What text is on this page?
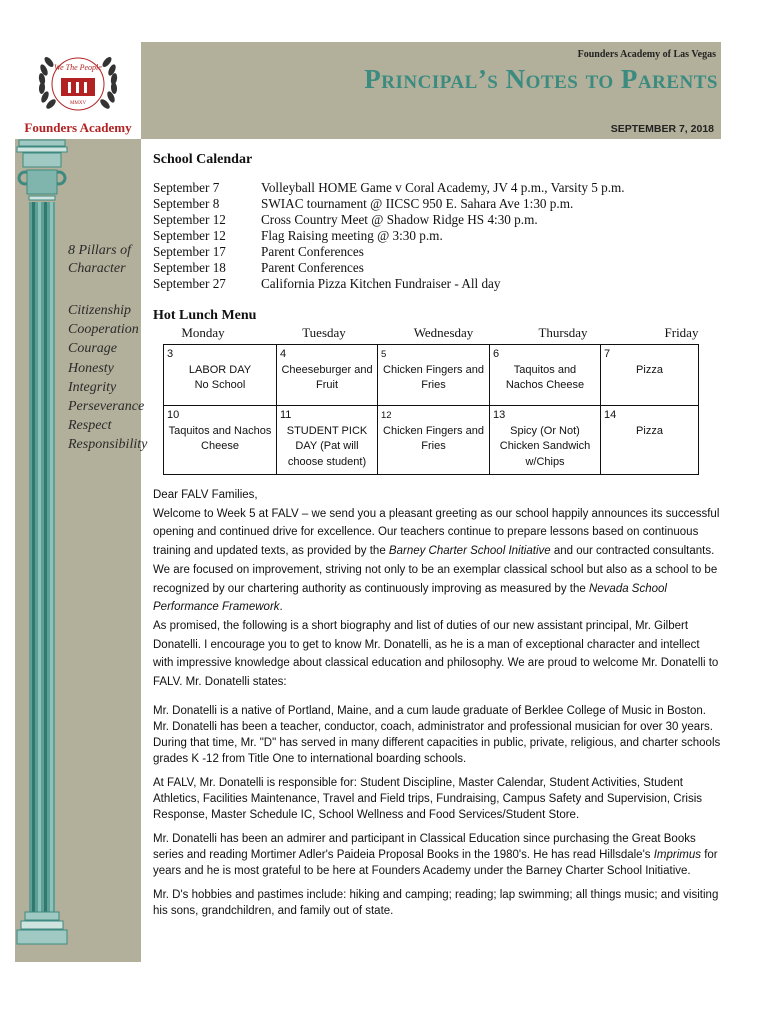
We The People
MMXV
Founders Academy
Founders Academy of Las Vegas
Principal’s Notes to Parents
SEPTEMBER 7, 2018
8 Pillars of
Character
Citizenship
Cooperation
Courage
Honesty
Integrity
Perseverance
Respect
Responsibility
School Calendar
September 7	Volleyball HOME Game v Coral Academy, JV 4 p.m., Varsity 5 p.m.
September 8	SWIAC tournament @ IICSC 950 E. Sahara Ave 1:30 p.m.
September 12	Cross Country Meet @ Shadow Ridge HS 4:30 p.m.
September 12	Flag Raising meeting @ 3:30 p.m.
September 17	Parent Conferences
September 18	Parent Conferences
September 27	California Pizza Kitchen Fundraiser - All day
Hot Lunch Menu
Monday	Tuesday	Wednesday	Thursday	Friday
3
LABOR DAY
No School	4
Cheeseburger and
Fruit	5
Chicken Fingers and
Fries	6
Taquitos and
Nachos Cheese	7
Pizza

10
Taquitos and Nachos
Cheese	11
STUDENT PICK
DAY (Pat will
choose student)	12
Chicken Fingers and
Fries	13
Spicy (Or Not)
Chicken Sandwich
w/Chips	14
Pizza

Dear FALV Families,

Welcome to Week 5 at FALV – we send you a pleasant greeting as our school happily announces its successful opening and continued drive for excellence. Our teachers continue to prepare lessons based on continuous training and updated texts, as provided by the Barney Charter School Initiative and our contracted consultants. We are focused on improvement, striving not only to be an exemplar classical school but also as a school to be recognized by our chartering authority as continuously improving as measured by the Nevada School Performance Framework.

As promised, the following is a short biography and list of duties of our new assistant principal, Mr. Gilbert Donatelli. I encourage you to get to know Mr. Donatelli, as he is a man of exceptional character and intellect with impressive knowledge about classical education and philosophy. We are proud to welcome Mr. Donatelli to FALV. Mr. Donatelli states:

Mr. Donatelli is a native of Portland, Maine, and a cum laude graduate of Berklee College of Music in Boston. Mr. Donatelli has been a teacher, conductor, coach, administrator and professional musician for over 30 years. During that time, Mr. "D" has served in many different capacities in public, private, religious, and charter schools grades K -12 from Title One to international boarding schools.

At FALV, Mr. Donatelli is responsible for: Student Discipline, Master Calendar, Student Activities, Student Athletics, Facilities Maintenance, Travel and Field trips, Fundraising, Campus Safety and Supervision, Crisis Response, Master Schedule IC, School Wellness and Food Services/Student Store.

Mr. Donatelli has been an admirer and participant in Classical Education since purchasing the Great Books series and reading Mortimer Adler's Paideia Proposal Books in the 1980's. He has read Hillsdale's Imprimus for years and he is most grateful to be here at Founders Academy under the Barney Charter School Initiative.

Mr. D's hobbies and pastimes include: hiking and camping; reading; lap swimming; all things music; and visiting his sons, grandchildren, and family out of state.
